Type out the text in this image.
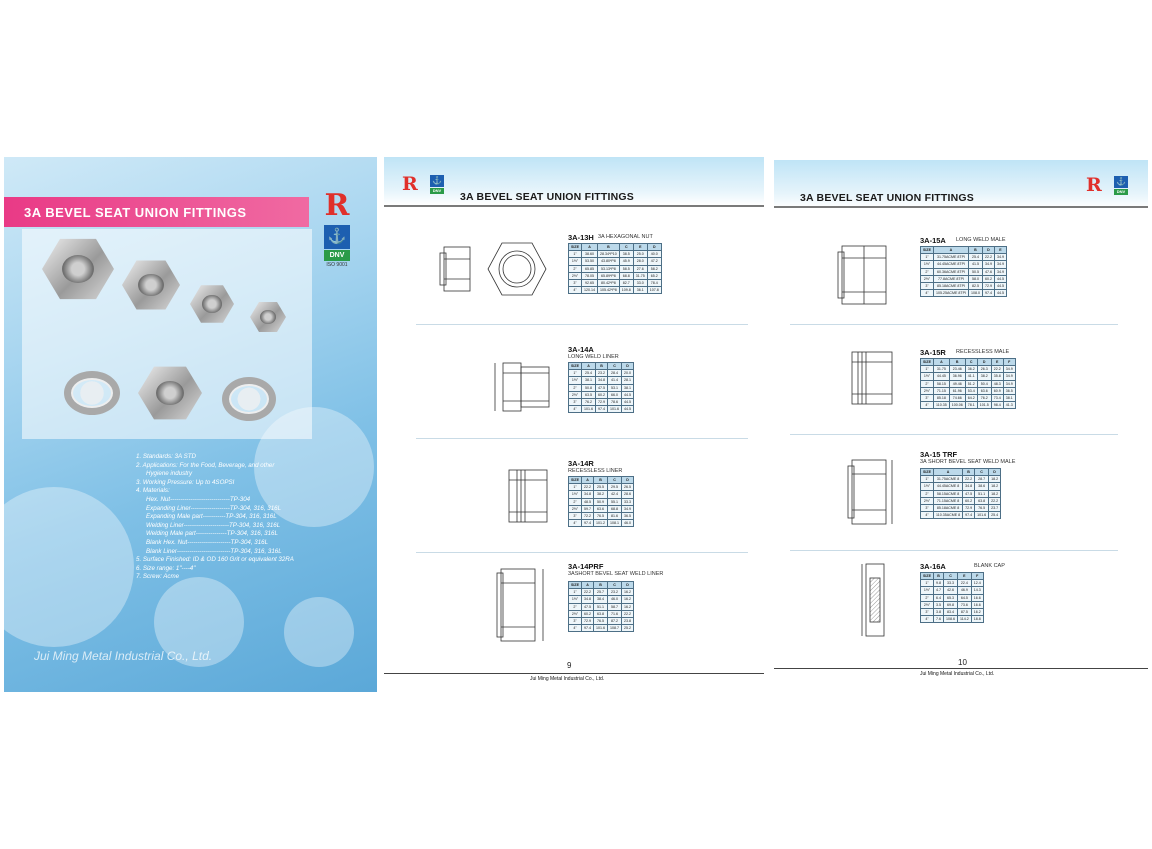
3A BEVEL SEAT UNION FITTINGS	R
⚓
DNV
ISO 9001
1. Standards: 3A STD
2. Applications: For the Food, Beverage, and other
Hygiene industry
3. Working Pressure: Up to 4SOPSI
4. Materials:
Hex. Nut-----------------------------TP-304
Expanding Liner-------------------TP-304, 316, 316L
Expanding Male part-----------TP-304, 316, 316L
Welding Liner----------------------TP-304, 316, 316L
Welding Male part---------------TP-304, 316, 316L
Blank Hex. Nut---------------------TP-304, 316L
Blank Liner--------------------------TP-304, 316, 316L
5. Surface Finished: ID & OD 160 Grit or equivalent 32RA
6. Size range: 1"----4"
7. Screw: Acme
Jui Ming Metal Industrial Co., Ltd.
R ⚓
DNV
3A BEVEL SEAT UNION FITTINGS
3A-13H 3A HEXAGONAL NUT
SIZE	A	B	C	E	D
1"	38.60	28.34*P10	38.5	25.0	40.0
1½"	53.50	43.80*P8	45.9	28.0	47.2
2"	65.85	53.13*P8	58.5	27.6	58.2
2½"	78.05	65.89*P8	68.8	31.75	65.2
3"	92.65	80.42*P8	82.7	33.0	78.4
4"	120.14	105.42*P8	109.8	36.1	107.8
3A-14A
LONG WELD LINER
SIZE	A	B	C	D
1"	25.4	23.2	28.4	20.0
1½"	38.1	34.8	41.4	28.1
2"	50.8	47.5	53.1	38.1
2½"	63.5	60.2	66.0	44.5
3"	76.2	72.9	78.6	44.5
4"	101.6	97.4	101.6	44.5
3A-14R
RECESSLESS LINER
SIZE	A	B	C	D
1"	22.2	25.5	29.5	26.5
1½"	34.8	38.2	42.4	28.6
2"	48.5	50.9	55.1	33.3
2½"	59.7	63.6	68.8	34.9
3"	72.2	76.5	81.6	36.5
4"	97.4	101.2	108.1	46.0
3A-14PRF
3ASHORT BEVEL SEAT WELD LINER
SIZE	A	B	C	D
1"	22.2	25.7	23.2	16.2
1½"	34.8	38.4	46.0	16.2
2"	47.5	51.1	58.7	16.2
2½"	60.2	63.8	71.6	22.2
3"	72.9	76.5	87.2	23.8
4"	97.4	101.6	108.7	25.2
9
Jui Ming Metal Industrial Co., Ltd.
3A BEVEL SEAT UNION FITTINGS
R ⚓
DNV
3A-15A LONG WELD MALE
SIZE	A	B	D	E
1"	31.75ACME 8TPI	25.4	22.2	34.9
1½"	44.45ACME 8TPI	41.5	34.9	34.9
2"	60.36ACME 8TPI	50.5	47.6	34.9
2½"	77.8ACME 8TPI	58.0	60.2	44.5
3"	85.18ACME 8TPI	82.5	72.9	44.5
4"	105.25ACME 8TPI	108.0	97.4	44.5
3A-15R RECESSLESS MALE
SIZE	A	B	C	D	E	F
1"	31.75	23.46	36.2	26.3	22.2	34.9
1½"	44.45	36.96	41.1	38.2	35.8	34.9
2"	58.15	49.46	51.2	50.4	48.3	34.9
2½"	71.15	61.96	53.4	63.6	60.9	36.5
3"	85.18	74.66	64.2	76.2	73.4	38.1
4"	110.35	100.06	78.1	101.5	98.4	41.3
3A-15 TRF
3A SHORT BEVEL SEAT WELD MALE
SIZE	A	B	C	D
1"	31.75ACME 8	22.2	28.7	18.2
1½"	44.45ACME 8	34.8	38.6	18.2
2"	58.15ACME 8	47.5	51.1	18.2
2½"	71.15ACME 8	60.2	63.8	22.2
3"	85.18ACME 8	72.9	76.5	23.7
4"	110.35ACME 8	97.4	101.6	25.4
3A-16A	BLANK CAP
SIZE	B	C	E	F
1"	9.8	33.3	22.4	12.4
1½"	4.7	42.6	46.9	14.3
2"	6.4	65.3	64.5	16.6
2½"	3.5	69.8	73.6	16.6
3"	3.8	83.4	87.5	16.2
4"	7.6	108.6	114.2	18.8
10
Jui Ming Metal Industrial Co., Ltd.
